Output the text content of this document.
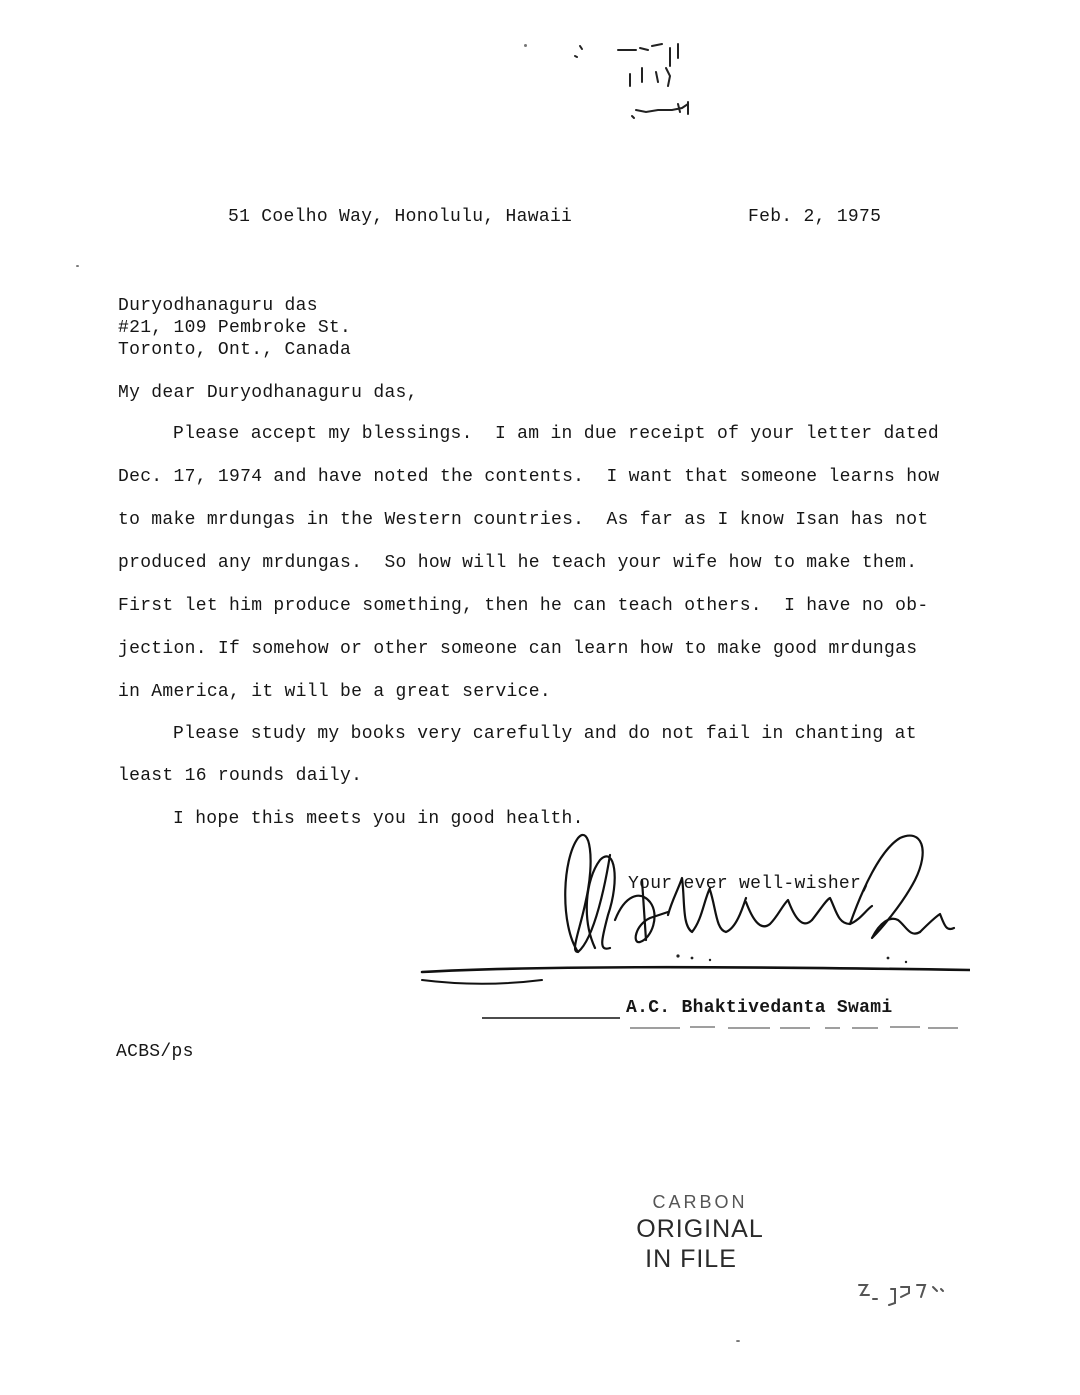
51 Coelho Way, Honolulu, Hawaii	Feb. 2, 1975
Duryodhanaguru das
#21, 109 Pembroke St.
Toronto, Ont., Canada
My dear Duryodhanaguru das,
Please accept my blessings.  I am in due receipt of your letter dated
Dec. 17, 1974 and have noted the contents.  I want that someone learns how
to make mrdungas in the Western countries.  As far as I know Isan has not
produced any mrdungas.  So how will he teach your wife how to make them.
First let him produce something, then he can teach others.  I have no ob-
jection. If somehow or other someone can learn how to make good mrdungas
in America, it will be a great service.
Please study my books very carefully and do not fail in chanting at
least 16 rounds daily.
I hope this meets you in good health.
Your ever well-wisher,
A.C. Bhaktivedanta Swami
ACBS/ps
CARBON
ORIGINAL
IN FILE
